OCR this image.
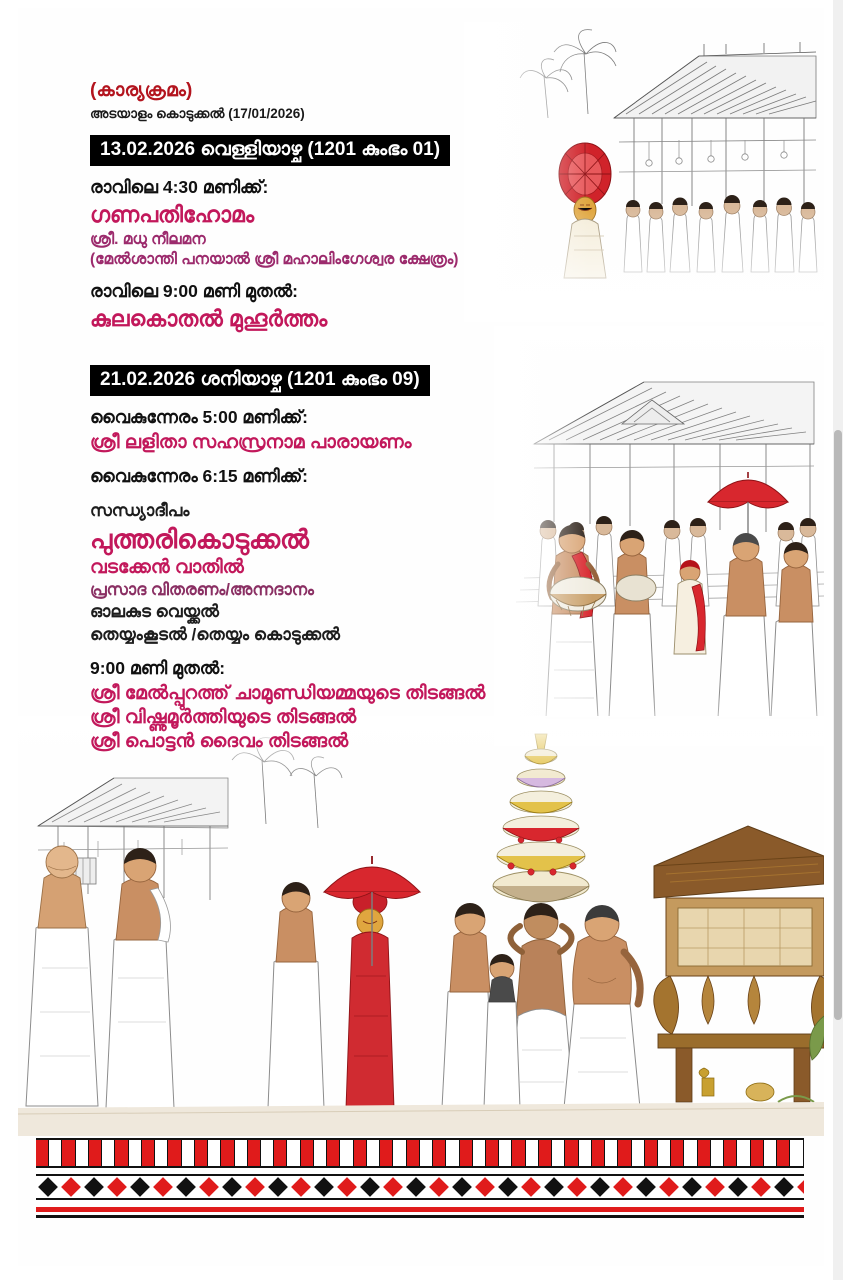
(കാര്യക്രമം)
അടയാളം കൊടുക്കൽ (17/01/2026)
13.02.2026 വെള്ളിയാഴ്ച (1201 കുംഭം 01)
രാവിലെ 4:30 മണിക്ക്:
ഗണപതിഹോമം
ശ്രീ. മധു നീലമന
(മേൽശാന്തി പനയാൽ ശ്രീ മഹാലിംഗേശ്വര ക്ഷേത്രം)
രാവിലെ 9:00 മണി മുതൽ:
കുലകൊതൽ മുഹൂർത്തം
21.02.2026 ശനിയാഴ്ച (1201 കുംഭം 09)
വൈകുന്നേരം 5:00 മണിക്ക്:
ശ്രീ ലളിതാ സഹസ്രനാമ പാരായണം
വൈകുന്നേരം 6:15 മണിക്ക്:
സന്ധ്യാദീപം
പുത്തരികൊടുക്കൽ
വടക്കേൻ വാതിൽ
പ്രസാദ വിതരണം/അന്നദാനം
ഓലകുട വെയ്ക്കൽ
തെയ്യംകൂടൽ /തെയ്യം കൊടുക്കൽ
9:00 മണി മുതൽ:
ശ്രീ മേൽപ്പുറത്ത് ചാമുണ്ഡിയമ്മയുടെ തിടങ്ങൽ
ശ്രീ വിഷ്ണുമൂർത്തിയുടെ തിടങ്ങൽ
ശ്രീ പൊട്ടൻ ദൈവം തിടങ്ങൽ
